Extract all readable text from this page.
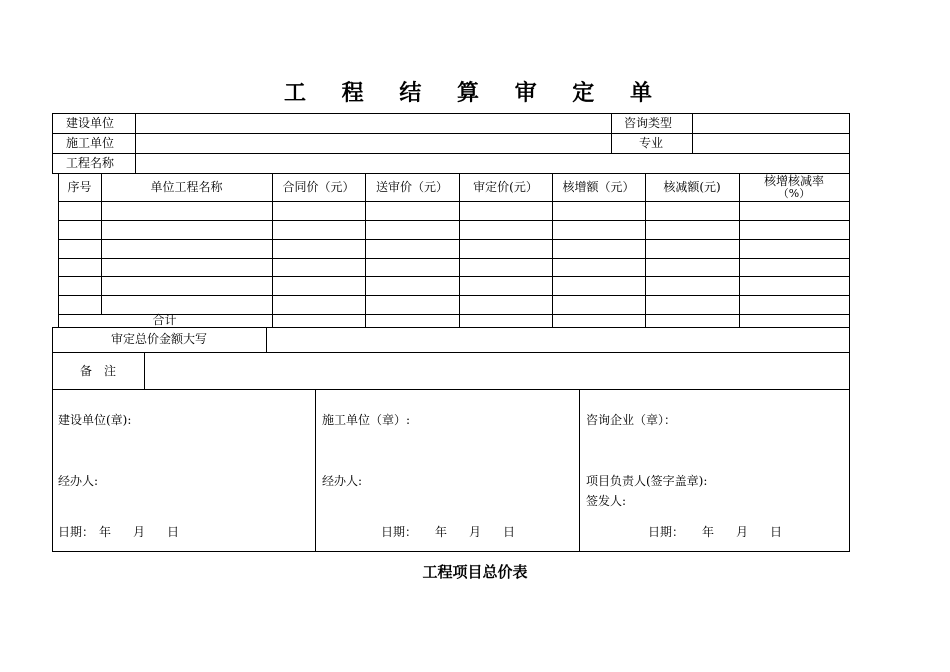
工 程 结 算 审 定 单
建设单位	咨询类型
施工单位	专业
工程名称
序号	单位工程名称	合同价（元）	送审价（元）	审定价(元）	核增额（元）	核减额(元)	核增核减率
（%）
合计
审定总价金额大写
备　注
建设单位(章):	施工单位（章）:	咨询企业（章）：
经办人:	经办人:	项目负责人(签字盖章):
签发人:
日期： 年 月 日	日期： 年 月 日	日期： 年 月 日
工程项目总价表
